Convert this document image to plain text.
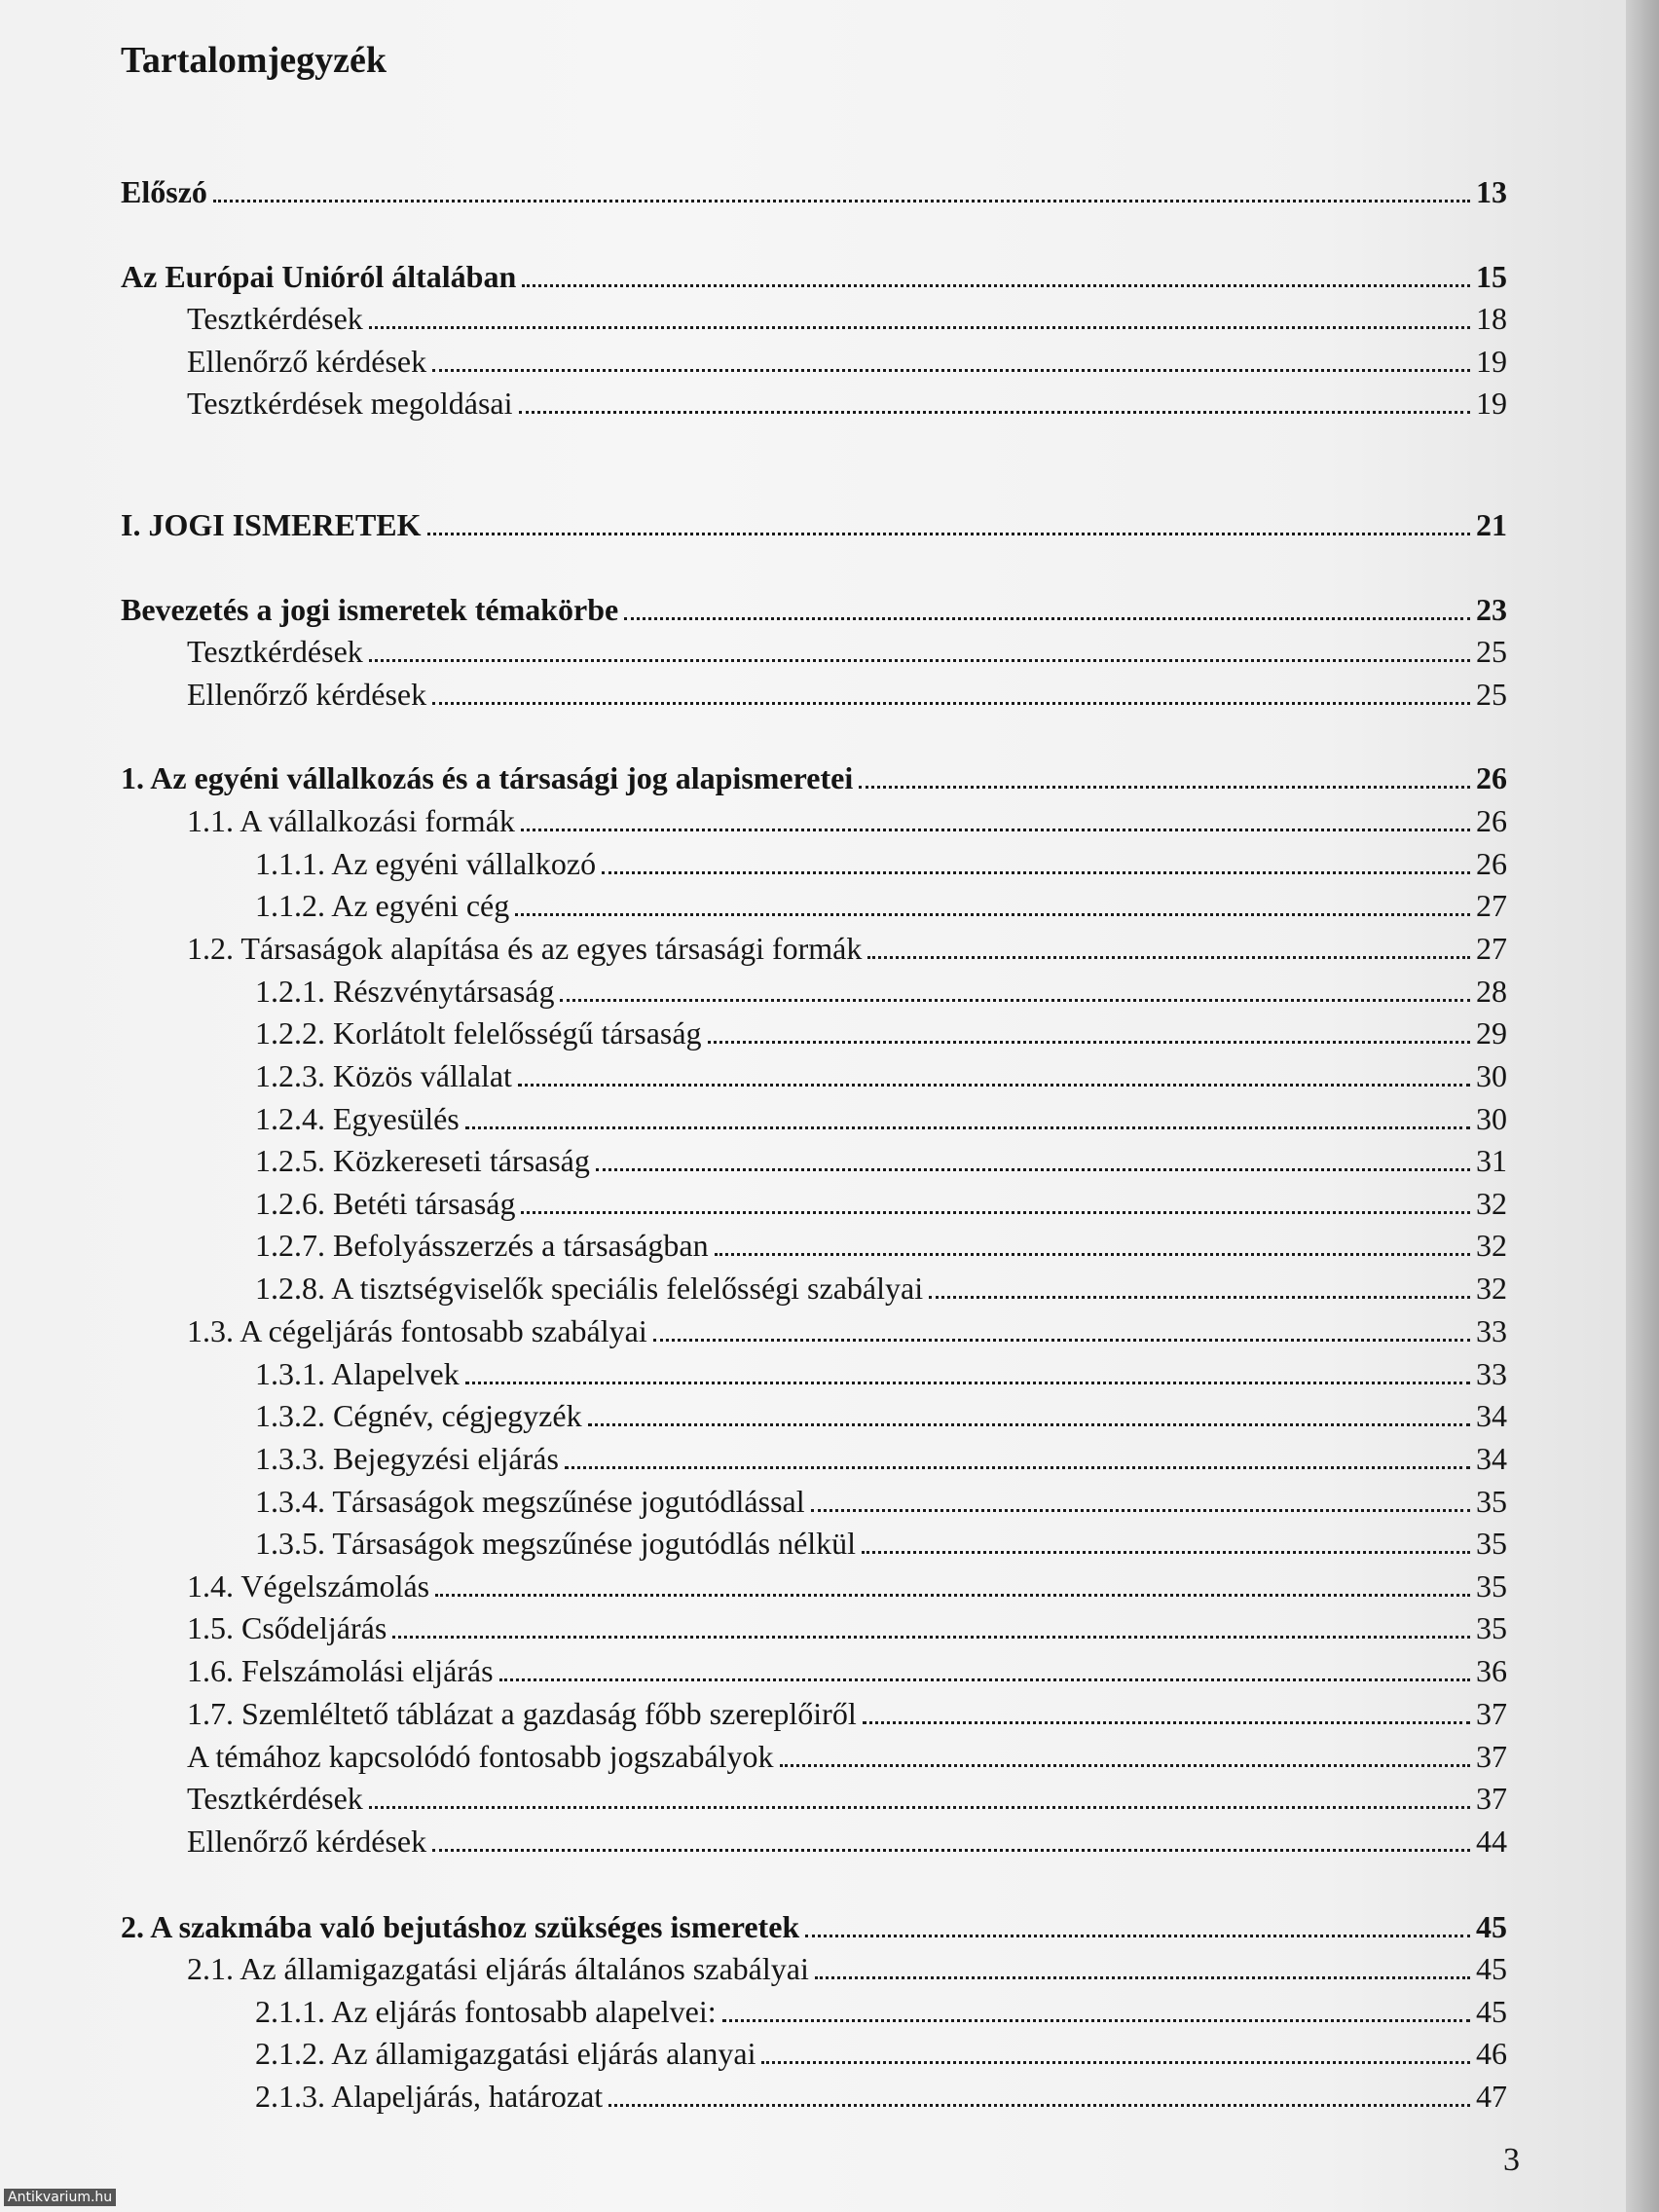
Tartalomjegyzék
Előszó	13
Az Európai Unióról általában	15
Tesztkérdések	18
Ellenőrző kérdések	19
Tesztkérdések megoldásai	19
I. JOGI ISMERETEK	21
Bevezetés a jogi ismeretek témakörbe	23
Tesztkérdések	25
Ellenőrző kérdések	25
1. Az egyéni vállalkozás és a társasági jog alapismeretei	26
1.1. A vállalkozási formák	26
1.1.1. Az egyéni vállalkozó	26
1.1.2. Az egyéni cég	27
1.2. Társaságok alapítása és az egyes társasági formák	27
1.2.1. Részvénytársaság	28
1.2.2. Korlátolt felelősségű társaság	29
1.2.3. Közös vállalat	30
1.2.4. Egyesülés	30
1.2.5. Közkereseti társaság	31
1.2.6. Betéti társaság	32
1.2.7. Befolyásszerzés a társaságban	32
1.2.8. A tisztségviselők speciális felelősségi szabályai	32
1.3. A cégeljárás fontosabb szabályai	33
1.3.1. Alapelvek	33
1.3.2. Cégnév, cégjegyzék	34
1.3.3. Bejegyzési eljárás	34
1.3.4. Társaságok megszűnése jogutódlással	35
1.3.5. Társaságok megszűnése jogutódlás nélkül	35
1.4. Végelszámolás	35
1.5. Csődeljárás	35
1.6. Felszámolási eljárás	36
1.7. Szemléltető táblázat a gazdaság főbb szereplőiről	37
A témához kapcsolódó fontosabb jogszabályok	37
Tesztkérdések	37
Ellenőrző kérdések	44
2. A szakmába való bejutáshoz szükséges ismeretek	45
2.1. Az államigazgatási eljárás általános szabályai	45
2.1.1. Az eljárás fontosabb alapelvei:	45
2.1.2. Az államigazgatási eljárás alanyai	46
2.1.3. Alapeljárás, határozat	47
3
Antikvarium.hu
